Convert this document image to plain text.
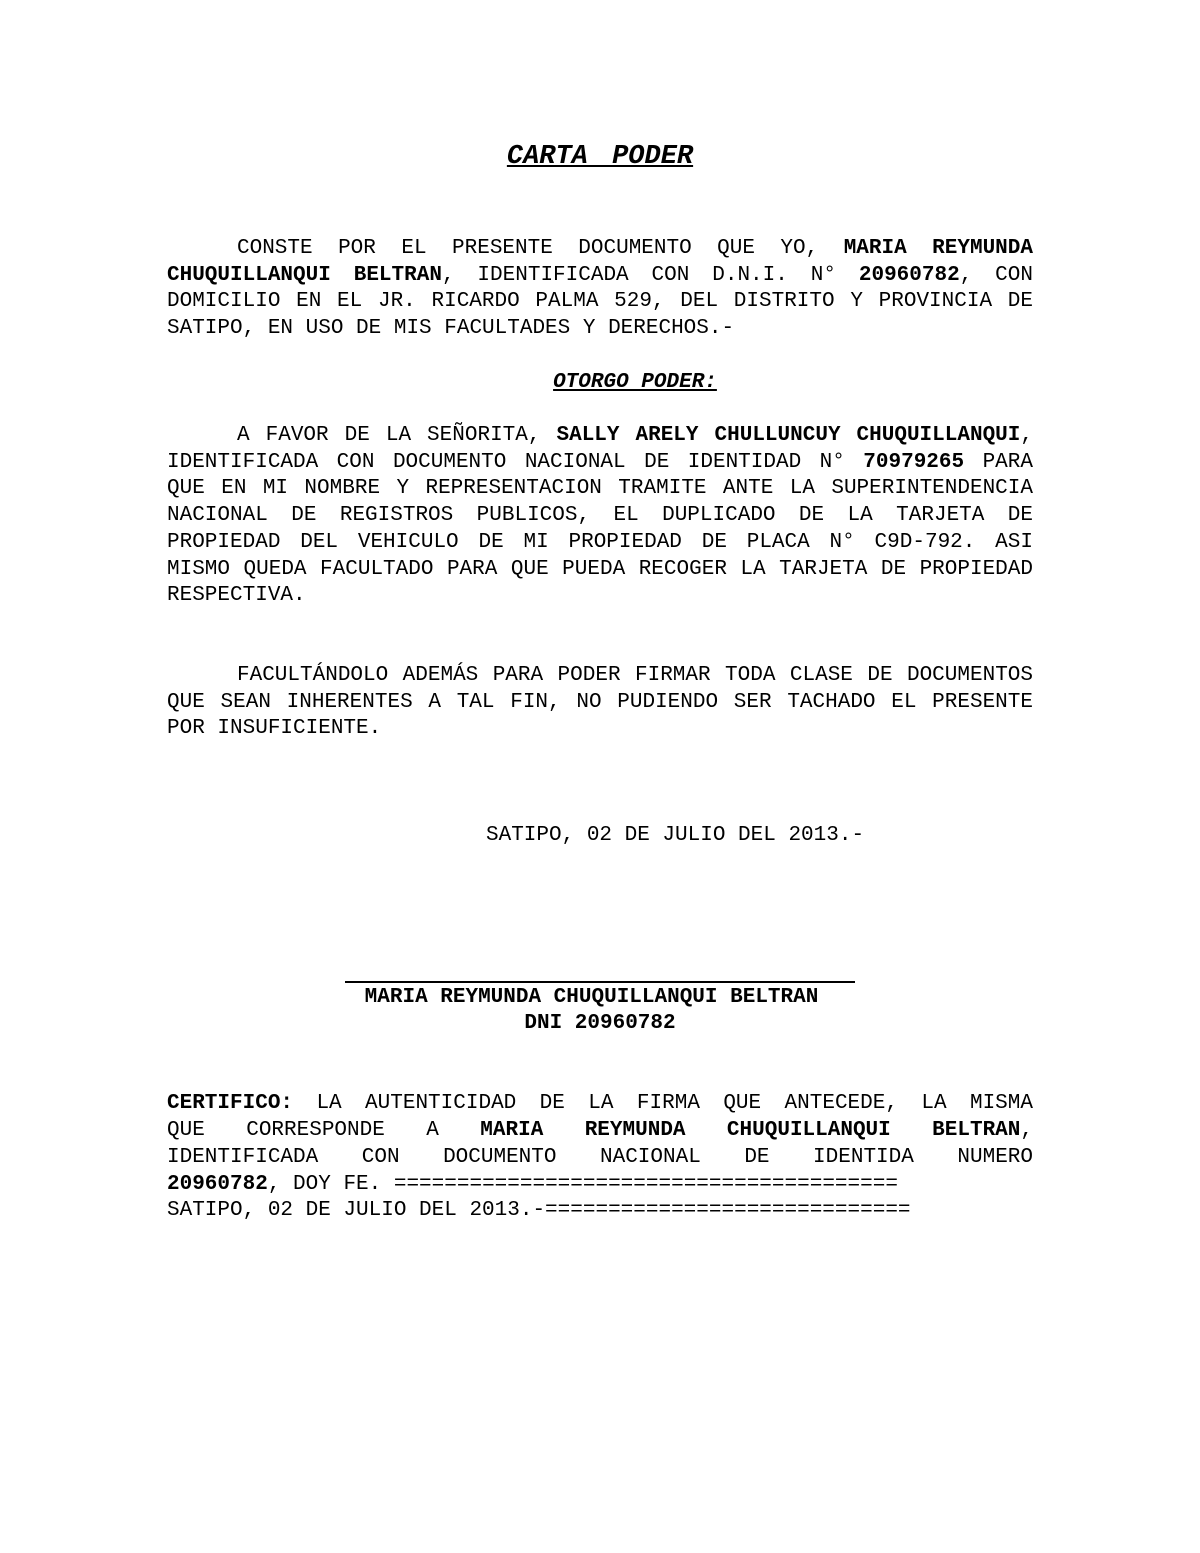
CARTA PODER
CONSTE POR EL PRESENTE DOCUMENTO QUE YO, MARIA REYMUNDA CHUQUILLANQUI BELTRAN, IDENTIFICADA CON D.N.I. N° 20960782, CON DOMICILIO EN EL JR. RICARDO PALMA 529, DEL DISTRITO Y PROVINCIA DE SATIPO, EN USO DE MIS FACULTADES Y DERECHOS.-
OTORGO PODER:
A FAVOR DE LA SEÑORITA, SALLY ARELY CHULLUNCUY CHUQUILLANQUI, IDENTIFICADA CON DOCUMENTO NACIONAL DE IDENTIDAD N° 70979265 PARA QUE EN MI NOMBRE Y REPRESENTACION TRAMITE ANTE LA SUPERINTENDENCIA NACIONAL DE REGISTROS PUBLICOS, EL DUPLICADO DE LA TARJETA DE PROPIEDAD DEL VEHICULO DE MI PROPIEDAD DE PLACA N° C9D-792. ASI MISMO QUEDA FACULTADO PARA QUE PUEDA RECOGER LA TARJETA DE PROPIEDAD RESPECTIVA.
FACULTÁNDOLO ADEMÁS PARA PODER FIRMAR TODA CLASE DE DOCUMENTOS QUE SEAN INHERENTES A TAL FIN, NO PUDIENDO SER TACHADO EL PRESENTE POR INSUFICIENTE.
SATIPO, 02 DE JULIO DEL 2013.-
MARIA REYMUNDA CHUQUILLANQUI BELTRAN
DNI 20960782
CERTIFICO: LA AUTENTICIDAD DE LA FIRMA QUE ANTECEDE, LA MISMA
QUE CORRESPONDE A MARIA REYMUNDA CHUQUILLANQUI BELTRAN,
IDENTIFICADA CON DOCUMENTO NACIONAL DE IDENTIDA NUMERO
20960782, DOY FE. ========================================
SATIPO, 02 DE JULIO DEL 2013.-=============================
